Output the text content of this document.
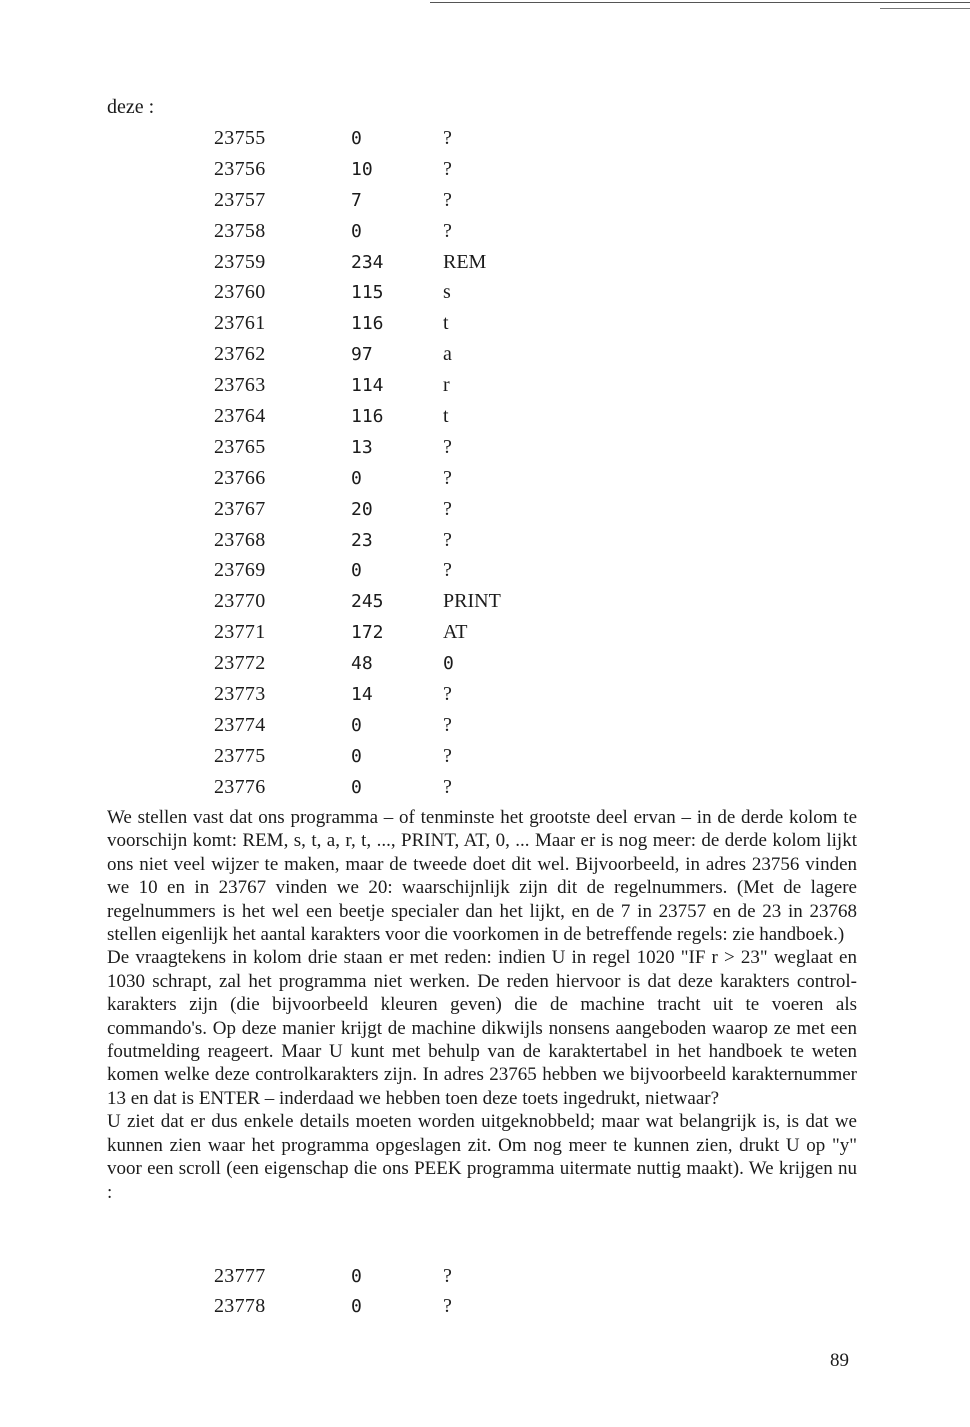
deze :
23755	0	?
23756	10	?
23757	7	?
23758	0	?
23759	234	REM
23760	115	s
23761	116	t
23762	97	a
23763	114	r
23764	116	t
23765	13	?
23766	0	?
23767	20	?
23768	23	?
23769	0	?
23770	245	PRINT
23771	172	AT
23772	48	0
23773	14	?
23774	0	?
23775	0	?
23776	0	?

We stellen vast dat ons programma – of tenminste het grootste deel ervan – in de derde kolom te voorschijn komt: REM, s, t, a, r, t, ..., PRINT, AT, 0, ... Maar er is nog meer: de derde kolom lijkt ons niet veel wijzer te maken, maar de tweede doet dit wel. Bijvoorbeeld, in adres 23756 vinden we 10 en in 23767 vinden we 20: waarschijnlijk zijn dit de regelnummers. (Met de lagere regelnummers is het wel een beetje specialer dan het lijkt, en de 7 in 23757 en de 23 in 23768 stellen eigenlijk het aantal karakters voor die voorkomen in de betreffende regels: zie handboek.)

De vraagtekens in kolom drie staan er met reden: indien U in regel 1020 "IF r > 23" weglaat en 1030 schrapt, zal het programma niet werken. De reden hiervoor is dat deze karakters control-karakters zijn (die bijvoorbeeld kleuren geven) die de machine tracht uit te voeren als commando's. Op deze manier krijgt de machine dikwijls nonsens aangeboden waarop ze met een foutmelding reageert. Maar U kunt met behulp van de karaktertabel in het handboek te weten komen welke deze controlkarakters zijn. In adres 23765 hebben we bijvoorbeeld karakternummer 13 en dat is ENTER – inderdaad we hebben toen deze toets ingedrukt, nietwaar?

U ziet dat er dus enkele details moeten worden uitgeknobbeld; maar wat belangrijk is, is dat we kunnen zien waar het programma opgeslagen zit. Om nog meer te kunnen zien, drukt U op "y" voor een scroll (een eigenschap die ons PEEK programma uitermate nuttig maakt). We krijgen nu :

23777	0	?
23778	0	?
89
